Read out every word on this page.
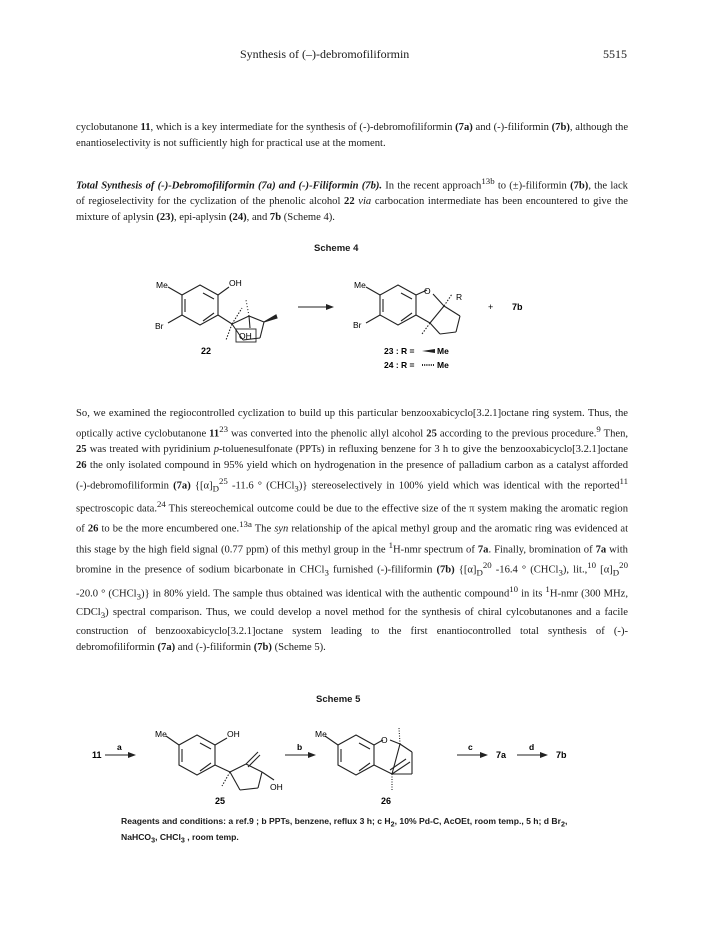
Synthesis of (–)-debromofiliformin	5515

cyclobutanone 11, which is a key intermediate for the synthesis of (-)-debromofiliformin (7a) and (-)-filiformin (7b), although the enantioselectivity is not sufficiently high for practical use at the moment.

Total Synthesis of (-)-Debromofiliformin (7a) and (-)-Filiformin (7b). In the recent approach$^{13b}$ to (±)-filiformin (7b), the lack of regioselectivity for the cyclization of the phenolic alcohol 22 via carbocation intermediate has been encountered to give the mixture of aplysin (23), epi-aplysin (24), and 7b (Scheme 4).

Scheme 4
Me	OH
Br
OH
22
O
Me
Br
R
+ 7b
23 : R =	Me
24 : R =	Me

So, we examined the regiocontrolled cyclization to build up this particular benzooxabicyclo[3.2.1]octane ring system. Thus, the optically active cyclobutanone $11^{23}$ was converted into the phenolic allyl alcohol 25 according to the previous procedure.$^9$ Then, 25 was treated with pyridinium p-toluenesulfonate (PPTs) in refluxing benzene for 3 h to give the benzooxabicyclo[3.2.1]octane 26 the only isolated compound in 95% yield which on hydrogenation in the presence of palladium carbon as a catalyst afforded (-)-debromofiliformin (7a) {$[\alpha]_D^{25}$ -11.6 ° (CHCl$_3$)} stereoselectively in 100% yield which was identical with the reported$^{11}$ spectroscopic data.$^{24}$ This stereochemical outcome could be due to the effective size of the π system making the aromatic region of 26 to be the more encumbered one.$^{13a}$ The syn relationship of the apical methyl group and the aromatic ring was evidenced at this stage by the high field signal (0.77 ppm) of this methyl group in the $^1$H-nmr spectrum of 7a. Finally, bromination of 7a with bromine in the presence of sodium bicarbonate in CHCl$_3$ furnished (-)-filiformin (7b) {$[\alpha]_D^{20}$ -16.4 ° (CHCl$_3$), lit.,$^{10}$ $[\alpha]_D^{20}$ -20.0 ° (CHCl$_3$)} in 80% yield. The sample thus obtained was identical with the authentic compound$^{10}$ in its $^1$H-nmr (300 MHz, CDCl$_3$) spectral comparison. Thus, we could develop a novel method for the synthesis of chiral cylcobutanones and a facile construction of benzooxabicyclo[3.2.1]octane system leading to the first enantiocontrolled total synthesis of (-)-debromofiliformin (7a) and (-)-filiformin (7b) (Scheme 5).

Scheme 5
11
a
Me	OH
OH
25
b
Me
O
26
c
7a
d
7b

Reagents and conditions: a ref.9 ; b PPTs, benzene, reflux 3 h; c $H_2$, 10% Pd-C, AcOEt, room temp., 5 h; d $Br_2$, NaHCO$_3$, CHCl$_3$ , room temp.
